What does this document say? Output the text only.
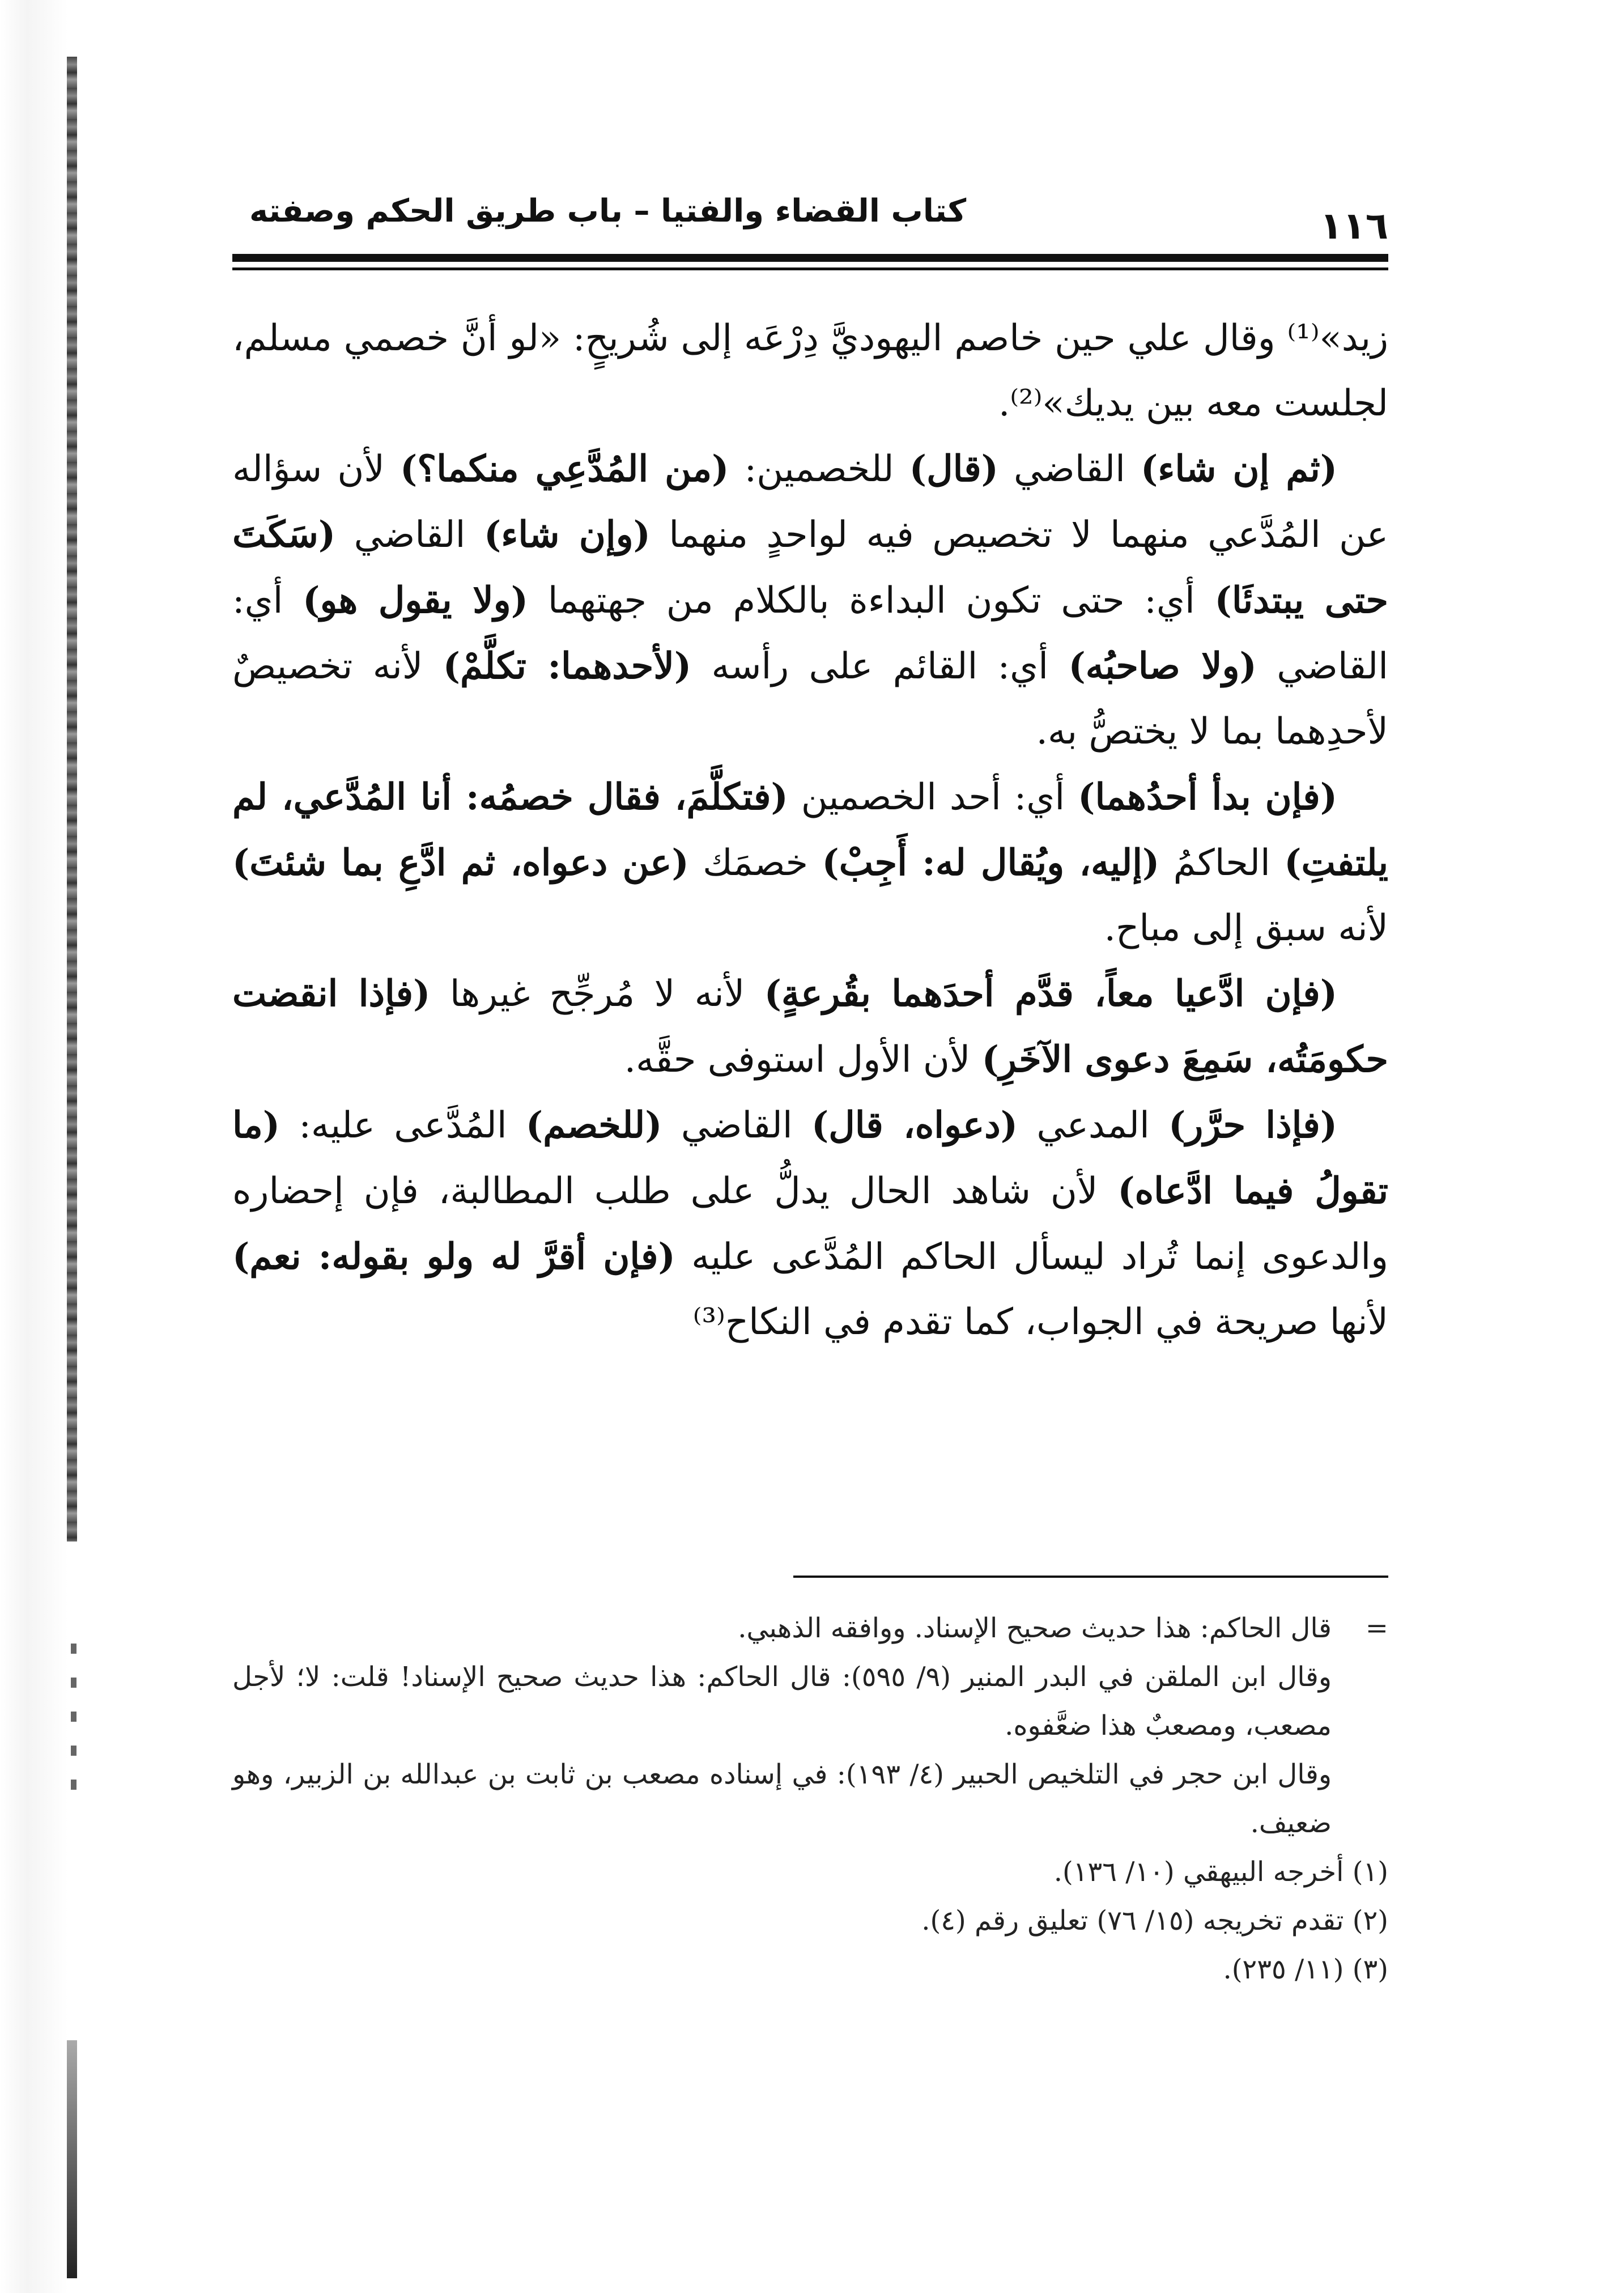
١١٦
كتاب القضاء والفتيا – باب طريق الحكم وصفته

زيد»⁽¹⁾ وقال علي حين خاصم اليهوديَّ دِرْعَه إلى شُريحٍ: «لو أنَّ خصمي مسلم، لجلست معه بين يديك»⁽²⁾.

(ثم إن شاء) القاضي (قال) للخصمين: (من المُدَّعِي منكما؟) لأن سؤاله عن المُدَّعي منهما لا تخصيص فيه لواحدٍ منهما (وإن شاء) القاضي (سَكَتَ حتى يبتدئَا) أي: حتى تكون البداءة بالكلام من جهتهما (ولا يقول هو) أي: القاضي (ولا صاحبُه) أي: القائم على رأسه (لأحدهما: تكلَّمْ) لأنه تخصيصٌ لأحدِهما بما لا يختصُّ به.

(فإن بدأ أحدُهما) أي: أحد الخصمين (فتكلَّمَ، فقال خصمُه: أنا المُدَّعي، لم يلتفتِ) الحاكمُ (إليه، ويُقال له: أَجِبْ) خصمَك (عن دعواه، ثم ادَّعِ بما شئتَ) لأنه سبق إلى مباح.

(فإن ادَّعيا معاً، قدَّم أحدَهما بقُرعةٍ) لأنه لا مُرجِّح غيرها (فإذا انقضت حكومَتُه، سَمِعَ دعوى الآخَرِ) لأن الأول استوفى حقَّه.

(فإذا حرَّر) المدعي (دعواه، قال) القاضي (للخصم) المُدَّعى عليه: (ما تقولُ فيما ادَّعاه) لأن شاهد الحال يدلُّ على طلب المطالبة، فإن إحضاره والدعوى إنما تُراد ليسأل الحاكم المُدَّعى عليه (فإن أقرَّ له ولو بقوله: نعم) لأنها صريحة في الجواب، كما تقدم في النكاح⁽³⁾

=
قال الحاكم: هذا حديث صحيح الإسناد. ووافقه الذهبي.

وقال ابن الملقن في البدر المنير (٩/ ٥٩٥): قال الحاكم: هذا حديث صحيح الإسناد! قلت: لا؛ لأجل مصعب، ومصعبٌ هذا ضعَّفوه.

وقال ابن حجر في التلخيص الحبير (٤/ ١٩٣): في إسناده مصعب بن ثابت بن عبدالله بن الزبير، وهو ضعيف.

(١) أخرجه البيهقي (١٠/ ١٣٦).

(٢) تقدم تخريجه (١٥/ ٧٦) تعليق رقم (٤).

(٣) (١١/ ٢٣٥).
